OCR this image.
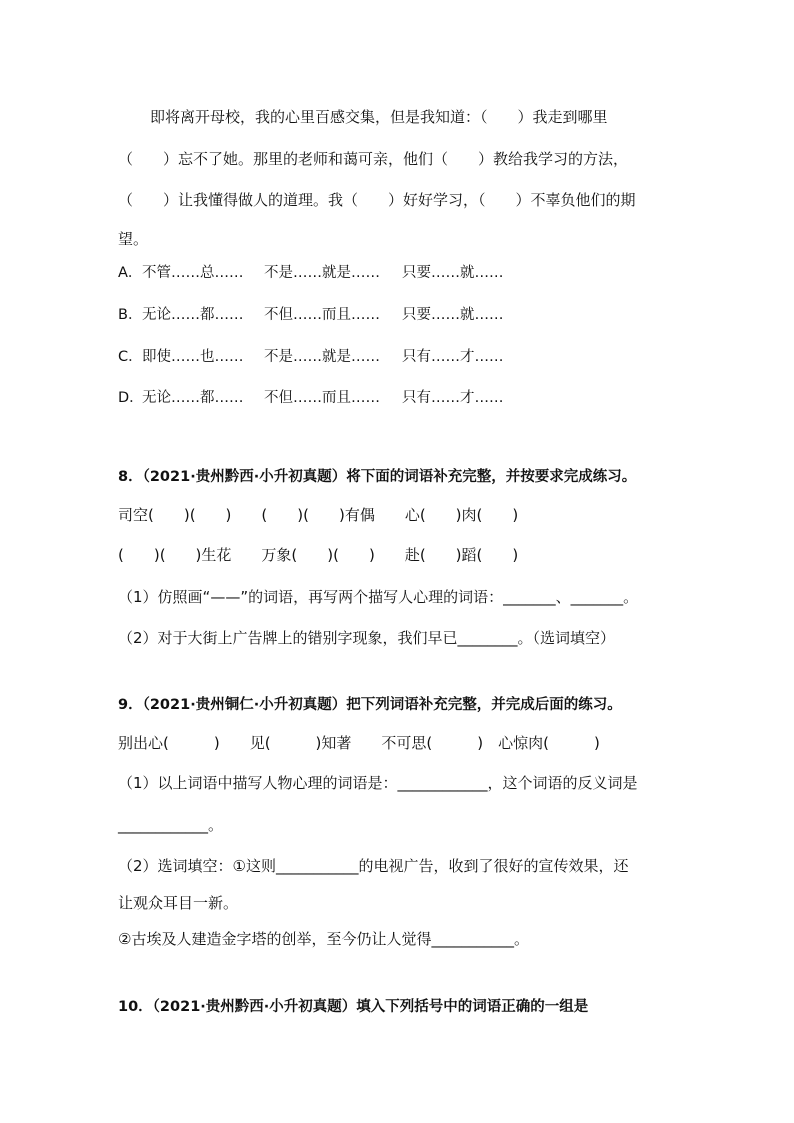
即将离开母校，我的心里百感交集，但是我知道：（　　）我走到哪里
（　　）忘不了她。那里的老师和蔼可亲，他们（　　）教给我学习的方法，
（　　）让我懂得做人的道理。我（　　）好好学习，（　　）不辜负他们的期
望。
A．不管……总…… 不是……就是…… 只要……就……
B．无论……都…… 不但……而且…… 只要……就……
C．即使……也…… 不是……就是…… 只有……才……
D．无论……都…… 不但……而且…… 只有……才……
8．（2021·贵州黔西·小升初真题）将下面的词语补充完整，并按要求完成练习。
司空(　　)(　　)　　(　　)(　　)有偶　　心(　　)肉(　　)
(　　)(　　)生花　　万象(　　)(　　)　　赴(　　)蹈(　　)
（1）仿照画“——”的词语，再写两个描写人心理的词语：_______、_______。
（2）对于大街上广告牌上的错别字现象，我们早已________。（选词填空）
9．（2021·贵州铜仁·小升初真题）把下列词语补充完整，并完成后面的练习。
别出心(　　　)　　见(　　　)知著　　不可思(　　　)　心惊肉(　　　)
（1）以上词语中描写人物心理的词语是：____________，这个词语的反义词是
____________。
（2）选词填空：①这则___________的电视广告，收到了很好的宣传效果，还
让观众耳目一新。
②古埃及人建造金字塔的创举，至今仍让人觉得___________。
10．（2021·贵州黔西·小升初真题）填入下列括号中的词语正确的一组是
